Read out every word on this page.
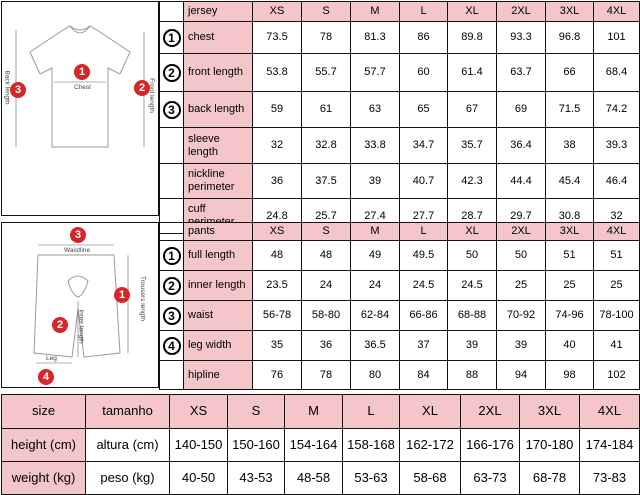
1
2
3	Chest
Back length	Front length
	jersey	XS	S	M	L	XL	2XL	3XL	4XL
1	chest	73.5	78	81.3	86	89.8	93.3	96.8	101
2	front length	53.8	55.7	57.7	60	61.4	63.7	66	68.4
3	back length	59	61	63	65	67	69	71.5	74.2
	sleeve length	32	32.8	33.8	34.7	35.7	36.4	38	39.3
	nickline perimeter	36	37.5	39	40.7	42.3	44.4	45.4	46.4
	cuff	24.8	25.7	27.4	27.7	28.7	29.7	30.8	32
3
Waistline
1	Trousers length
2	Inner length
Leg
4
	pants	XS	S	M	L	XL	2XL	3XL	4XL
1	full length	48	48	49	49.5	50	50	51	51
2	inner length	23.5	24	24	24.5	24.5	25	25	25
3	waist	56-78	58-80	62-84	66-86	68-88	70-92	74-96	78-100
4	leg width	35	36	36.5	37	39	39	40	41
	hipline	76	78	80	84	88	94	98	102
size	tamanho	XS	S	M	L	XL	2XL	3XL	4XL
height (cm)	altura (cm)	140-150	150-160	154-164	158-168	162-172	166-176	170-180	174-184
weight (kg)	peso (kg)	40-50	43-53	48-58	53-63	58-68	63-73	68-78	73-83
